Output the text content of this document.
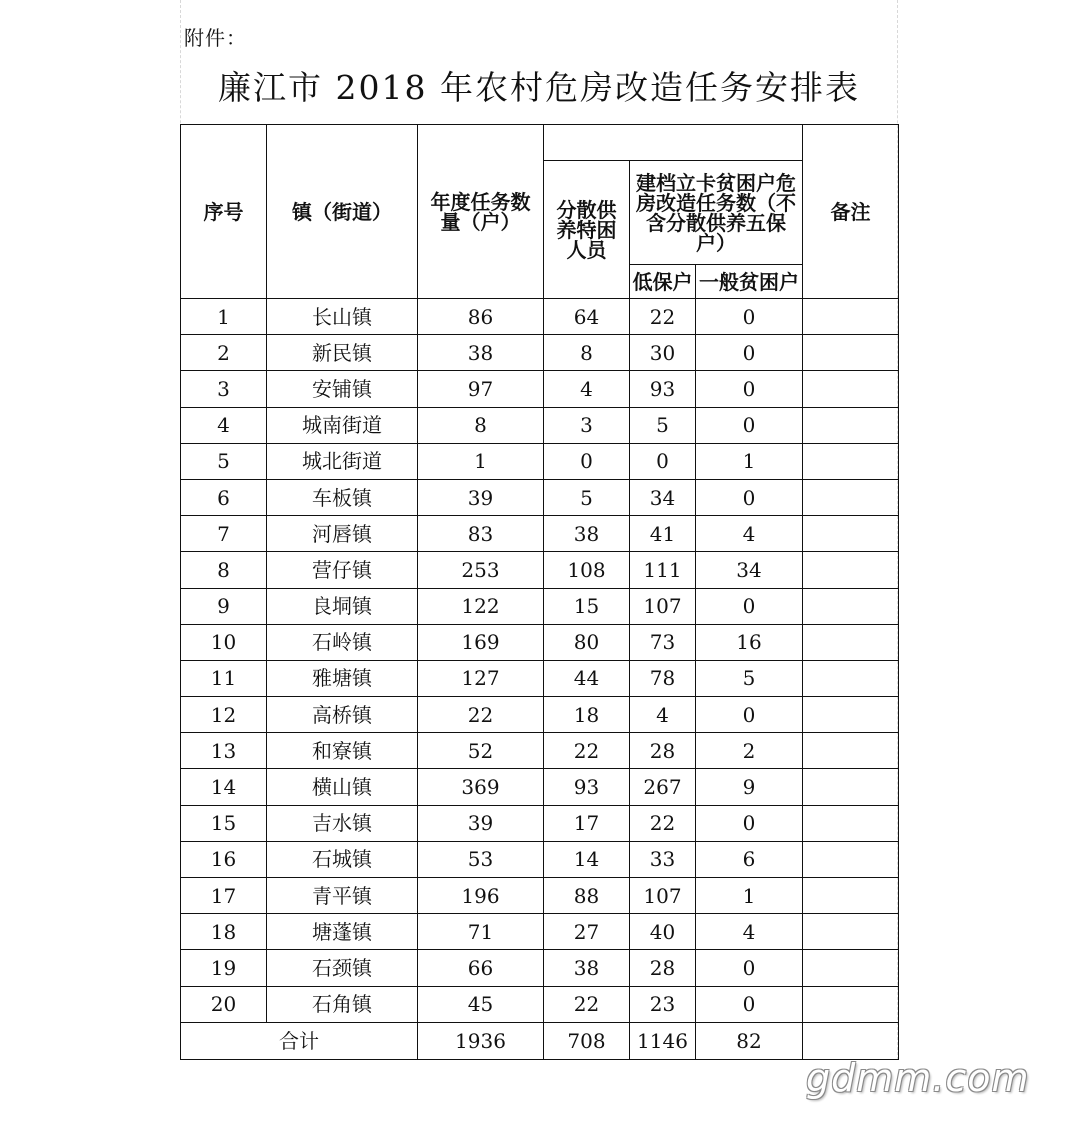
附件：
廉江市 2018 年农村危房改造任务安排表
序号	镇（街道）	年度任务数量（户）				备注
			分散供养特困人员	建档立卡贫困户危房改造任务数（不含分散供养五保户）		
				低保户	一般贫困户	
1	长山镇	86	64	22	0	
2	新民镇	38	8	30	0	
3	安铺镇	97	4	93	0	
4	城南街道	8	3	5	0	
5	城北街道	1	0	0	1	
6	车板镇	39	5	34	0	
7	河唇镇	83	38	41	4	
8	营仔镇	253	108	111	34	
9	良垌镇	122	15	107	0	
10	石岭镇	169	80	73	16	
11	雅塘镇	127	44	78	5	
12	高桥镇	22	18	4	0	
13	和寮镇	52	22	28	2	
14	横山镇	369	93	267	9	
15	吉水镇	39	17	22	0	
16	石城镇	53	14	33	6	
17	青平镇	196	88	107	1	
18	塘蓬镇	71	27	40	4	
19	石颈镇	66	38	28	0	
20	石角镇	45	22	23	0	
合计		1936	708	1146	82	
gdmm.com
